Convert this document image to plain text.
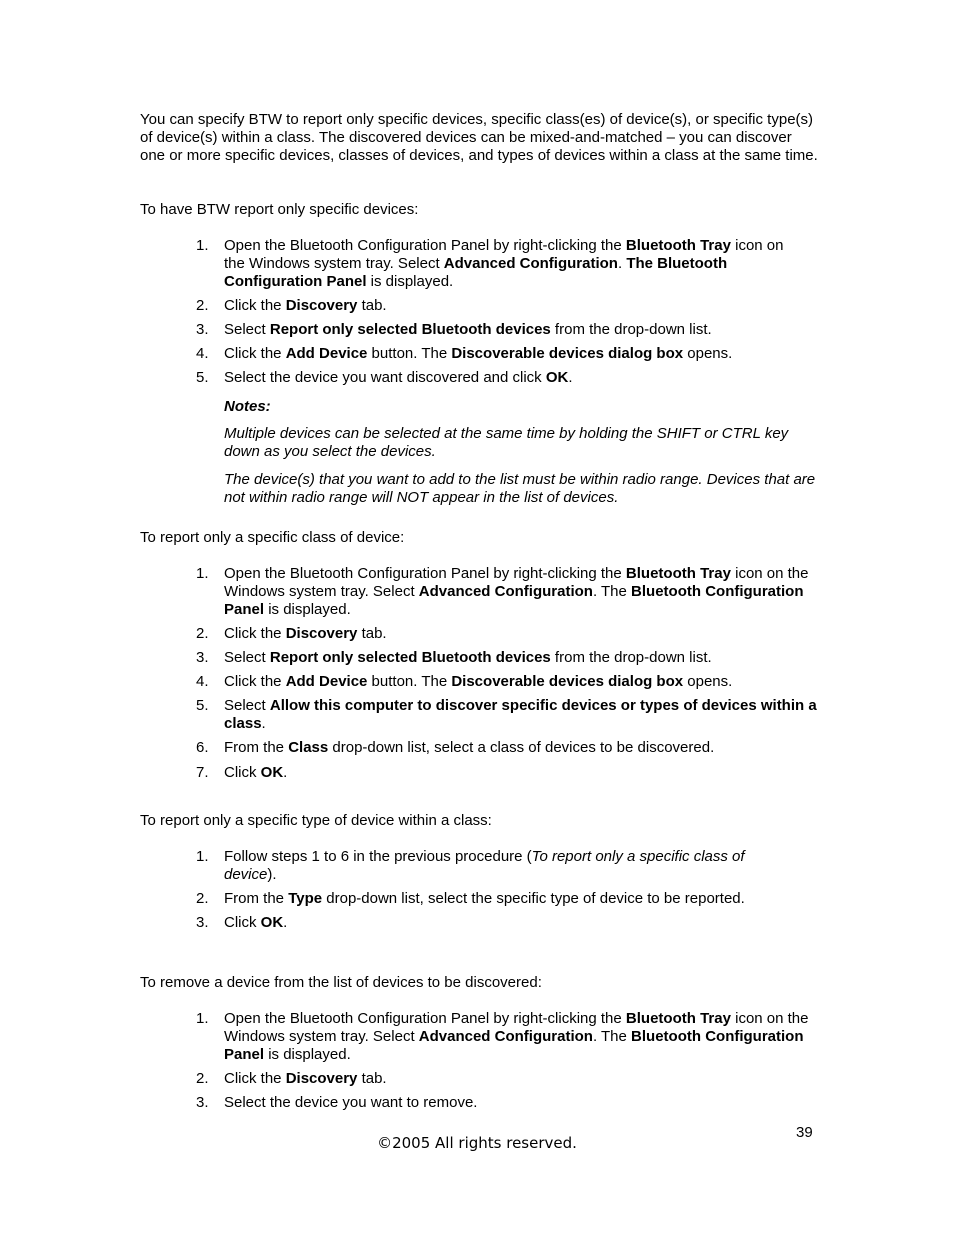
You can specify BTW to report only specific devices, specific class(es) of device(s), or specific type(s) of device(s) within a class. The discovered devices can be mixed-and-matched – you can discover one or more specific devices, classes of devices, and types of devices within a class at the same time.

To have BTW report only specific devices:

1. Open the Bluetooth Configuration Panel by right-clicking the Bluetooth Tray icon on the Windows system tray. Select Advanced Configuration. The Bluetooth Configuration Panel is displayed.

2. Click the Discovery tab.

3. Select Report only selected Bluetooth devices from the drop-down list.

4. Click the Add Device button. The Discoverable devices dialog box opens.

5. Select the device you want discovered and click OK.

Notes:

Multiple devices can be selected at the same time by holding the SHIFT or CTRL key down as you select the devices.

The device(s) that you want to add to the list must be within radio range. Devices that are not within radio range will NOT appear in the list of devices.

To report only a specific class of device:

1. Open the Bluetooth Configuration Panel by right-clicking the Bluetooth Tray icon on the Windows system tray. Select Advanced Configuration. The Bluetooth Configuration Panel is displayed.

2. Click the Discovery tab.

3. Select Report only selected Bluetooth devices from the drop-down list.

4. Click the Add Device button. The Discoverable devices dialog box opens.

5. Select Allow this computer to discover specific devices or types of devices within a class.

6. From the Class drop-down list, select a class of devices to be discovered.

7. Click OK.

To report only a specific type of device within a class:

1. Follow steps 1 to 6 in the previous procedure (To report only a specific class of device).

2. From the Type drop-down list, select the specific type of device to be reported.

3. Click OK.

To remove a device from the list of devices to be discovered:

1. Open the Bluetooth Configuration Panel by right-clicking the Bluetooth Tray icon on the Windows system tray. Select Advanced Configuration. The Bluetooth Configuration Panel is displayed.

2. Click the Discovery tab.

3. Select the device you want to remove.

39
©2005 All rights reserved.
